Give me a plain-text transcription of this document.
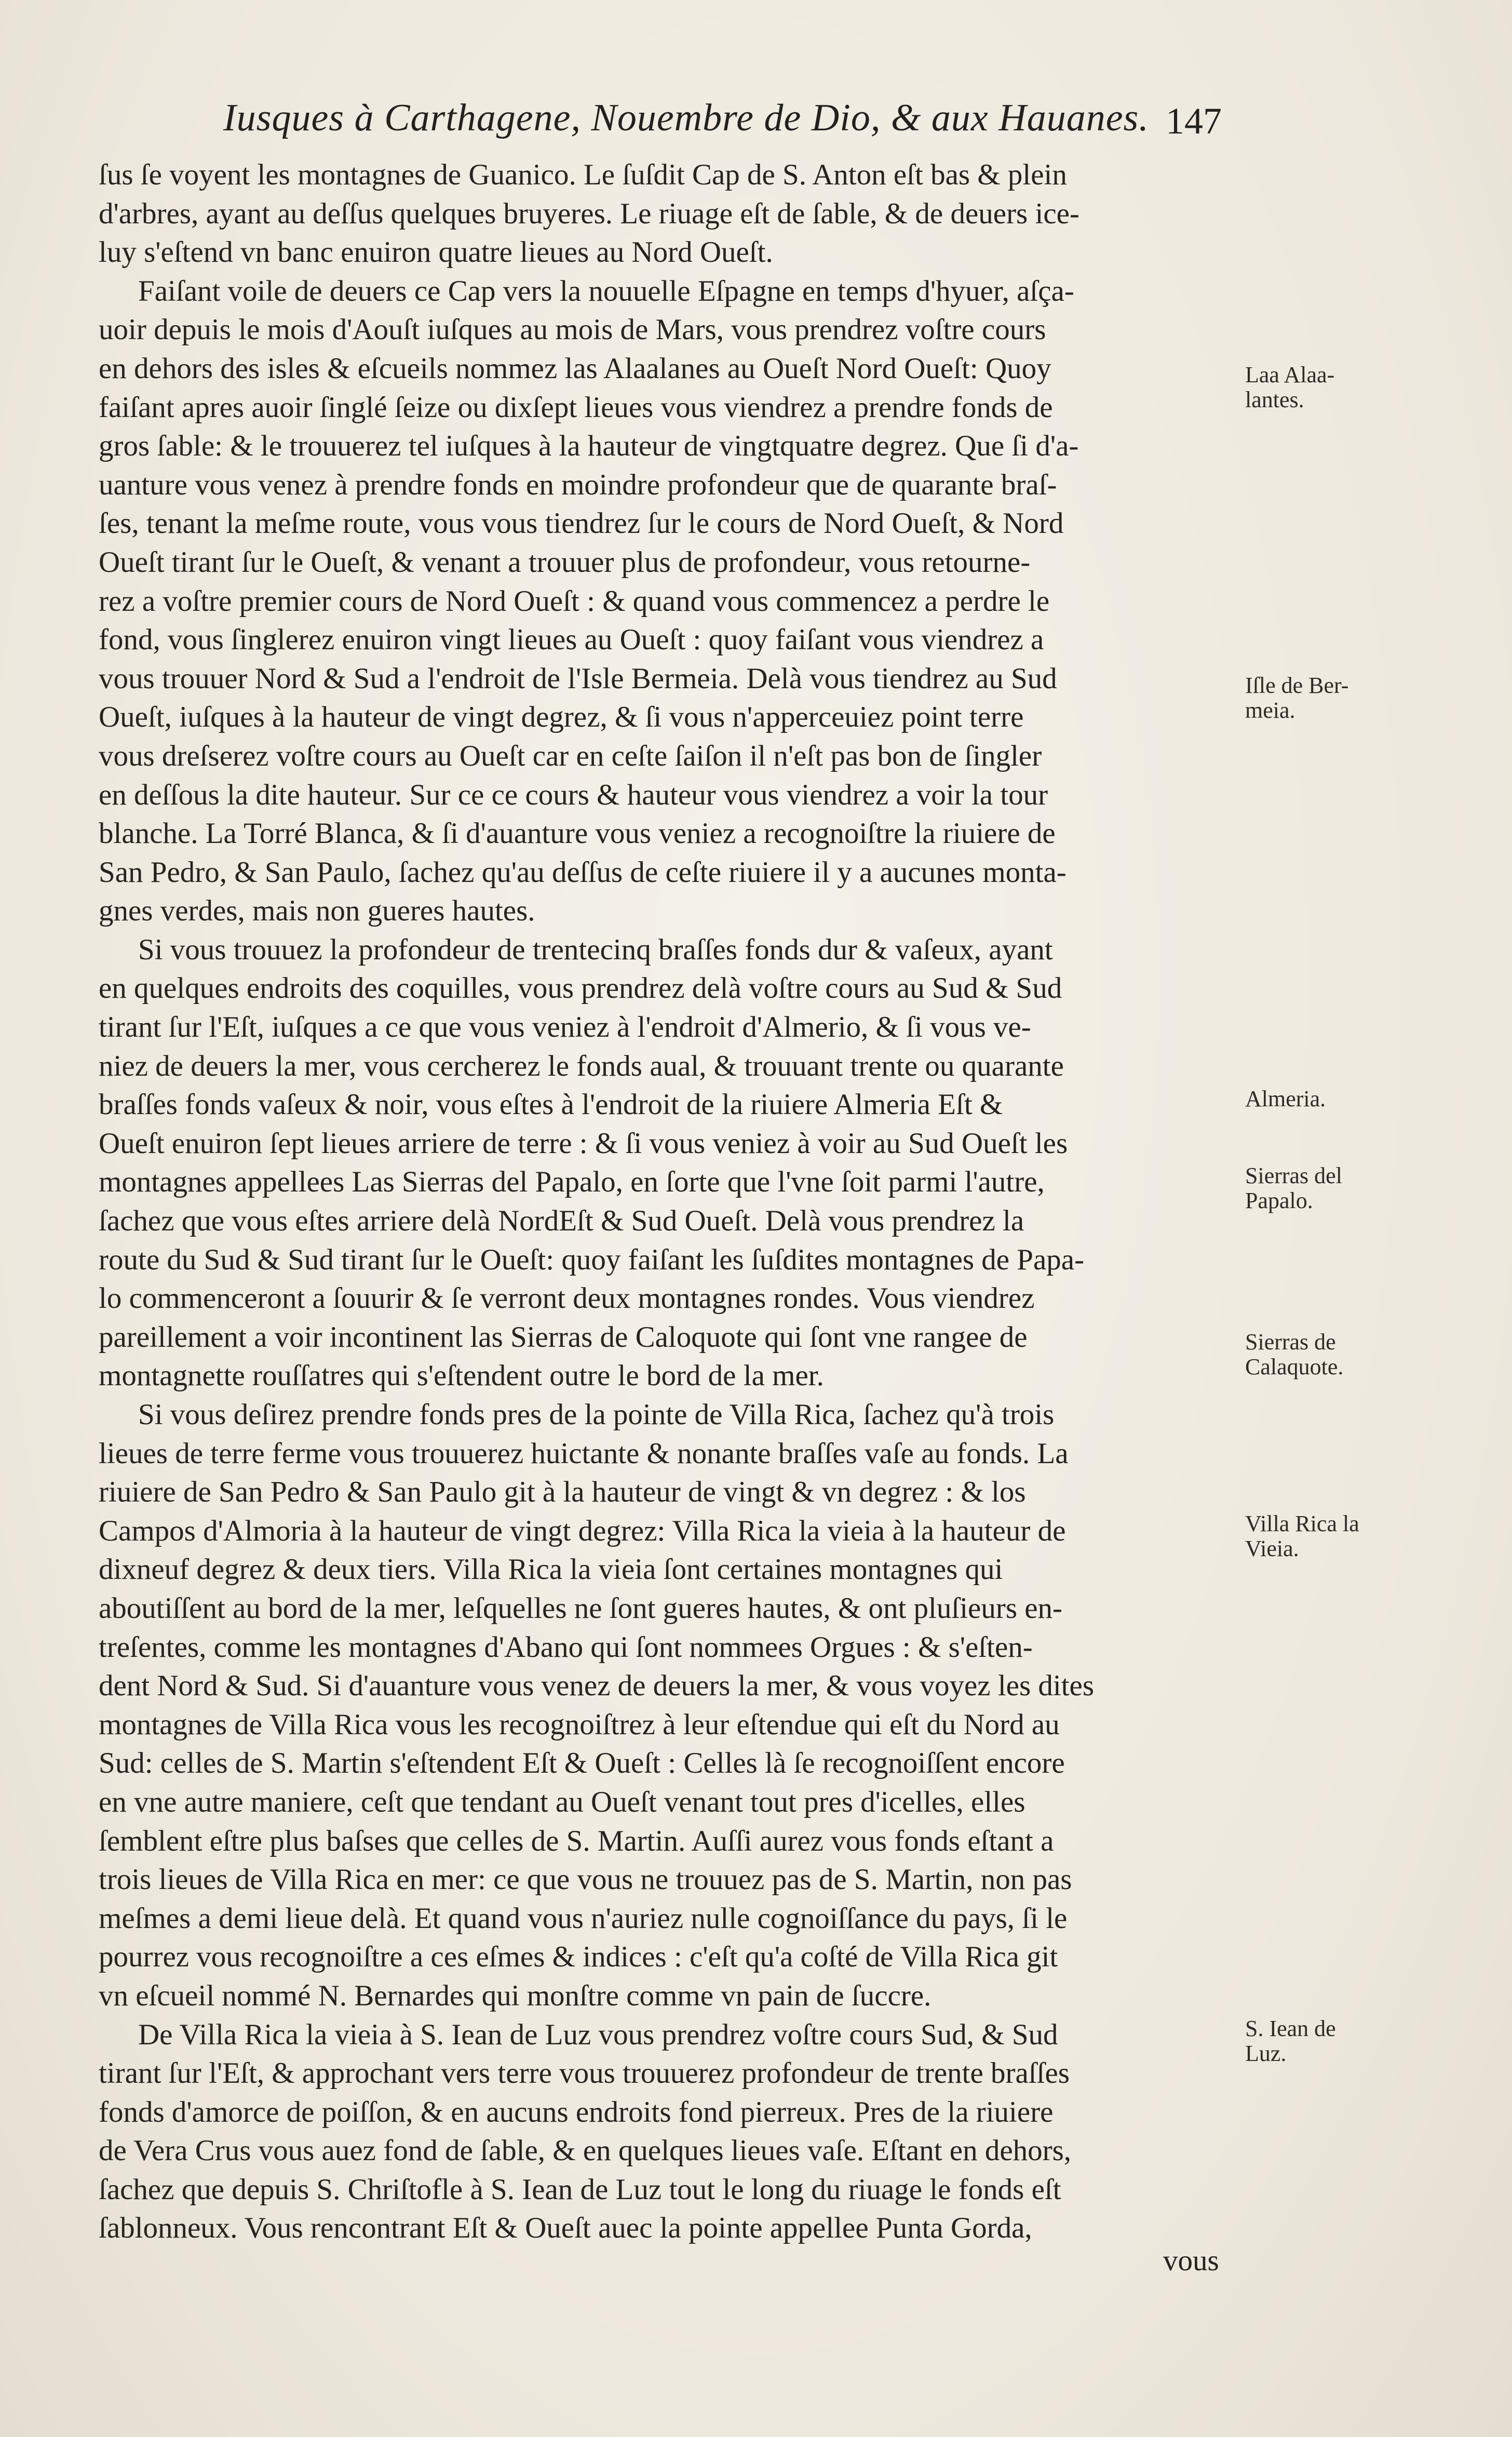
Iusques à Carthagene, Nouembre de Dio, & aux Hauanes. 147
ſus ſe voyent les montagnes de Guanico. Le ſuſdit Cap de S. Anton eſt bas & plein
d'arbres, ayant au deſſus quelques bruyeres. Le riuage eſt de ſable, & de deuers ice-
luy s'eſtend vn banc enuiron quatre lieues au Nord Oueſt.
Faiſant voile de deuers ce Cap vers la nouuelle Eſpagne en temps d'hyuer, aſça-
uoir depuis le mois d'Aouſt iuſques au mois de Mars, vous prendrez voſtre cours
en dehors des isles & eſcueils nommez las Alaalanes au Oueſt Nord Oueſt: Quoy
faiſant apres auoir ſinglé ſeize ou dixſept lieues vous viendrez a prendre fonds de
gros ſable: & le trouuerez tel iuſques à la hauteur de vingtquatre degrez. Que ſi d'a-
uanture vous venez à prendre fonds en moindre profondeur que de quarante braſ-
ſes, tenant la meſme route, vous vous tiendrez ſur le cours de Nord Oueſt, & Nord
Oueſt tirant ſur le Oueſt, & venant a trouuer plus de profondeur, vous retourne-
rez a voſtre premier cours de Nord Oueſt : & quand vous commencez a perdre le
fond, vous ſinglerez enuiron vingt lieues au Oueſt : quoy faiſant vous viendrez a
vous trouuer Nord & Sud a l'endroit de l'Isle Bermeia. Delà vous tiendrez au Sud
Oueſt, iuſques à la hauteur de vingt degrez, & ſi vous n'apperceuiez point terre
vous dreſserez voſtre cours au Oueſt car en ceſte ſaiſon il n'eſt pas bon de ſingler
en deſſous la dite hauteur. Sur ce ce cours & hauteur vous viendrez a voir la tour
blanche. La Torré Blanca, & ſi d'auanture vous veniez a recognoiſtre la riuiere de
San Pedro, & San Paulo, ſachez qu'au deſſus de ceſte riuiere il y a aucunes monta-
gnes verdes, mais non gueres hautes.
Si vous trouuez la profondeur de trentecinq braſſes fonds dur & vaſeux, ayant
en quelques endroits des coquilles, vous prendrez delà voſtre cours au Sud & Sud
tirant ſur l'Eſt, iuſques a ce que vous veniez à l'endroit d'Almerio, & ſi vous ve-
niez de deuers la mer, vous cercherez le fonds aual, & trouuant trente ou quarante
braſſes fonds vaſeux & noir, vous eſtes à l'endroit de la riuiere Almeria Eſt &
Oueſt enuiron ſept lieues arriere de terre : & ſi vous veniez à voir au Sud Oueſt les
montagnes appellees Las Sierras del Papalo, en ſorte que l'vne ſoit parmi l'autre,
ſachez que vous eſtes arriere delà NordEſt & Sud Oueſt. Delà vous prendrez la
route du Sud & Sud tirant ſur le Oueſt: quoy faiſant les ſuſdites montagnes de Papa-
lo commenceront a ſouurir & ſe verront deux montagnes rondes. Vous viendrez
pareillement a voir incontinent las Sierras de Caloquote qui ſont vne rangee de
montagnette rouſſatres qui s'eſtendent outre le bord de la mer.
Si vous deſirez prendre fonds pres de la pointe de Villa Rica, ſachez qu'à trois
lieues de terre ferme vous trouuerez huictante & nonante braſſes vaſe au fonds. La
riuiere de San Pedro & San Paulo git à la hauteur de vingt & vn degrez : & los
Campos d'Almoria à la hauteur de vingt degrez: Villa Rica la vieia à la hauteur de
dixneuf degrez & deux tiers. Villa Rica la vieia ſont certaines montagnes qui
aboutiſſent au bord de la mer, leſquelles ne ſont gueres hautes, & ont pluſieurs en-
treſentes, comme les montagnes d'Abano qui ſont nommees Orgues : & s'eſten-
dent Nord & Sud. Si d'auanture vous venez de deuers la mer, & vous voyez les dites
montagnes de Villa Rica vous les recognoiſtrez à leur eſtendue qui eſt du Nord au
Sud: celles de S. Martin s'eſtendent Eſt & Oueſt : Celles là ſe recognoiſſent encore
en vne autre maniere, ceſt que tendant au Oueſt venant tout pres d'icelles, elles
ſemblent eſtre plus baſses que celles de S. Martin. Auſſi aurez vous fonds eſtant a
trois lieues de Villa Rica en mer: ce que vous ne trouuez pas de S. Martin, non pas
meſmes a demi lieue delà. Et quand vous n'auriez nulle cognoiſſance du pays, ſi le
pourrez vous recognoiſtre a ces eſmes & indices : c'eſt qu'a coſté de Villa Rica git
vn eſcueil nommé N. Bernardes qui monſtre comme vn pain de ſuccre.
De Villa Rica la vieia à S. Iean de Luz vous prendrez voſtre cours Sud, & Sud
tirant ſur l'Eſt, & approchant vers terre vous trouuerez profondeur de trente braſſes
fonds d'amorce de poiſſon, & en aucuns endroits fond pierreux. Pres de la riuiere
de Vera Crus vous auez fond de ſable, & en quelques lieues vaſe. Eſtant en dehors,
ſachez que depuis S. Chriſtofle à S. Iean de Luz tout le long du riuage le fonds eſt
ſablonneux. Vous rencontrant Eſt & Oueſt auec la pointe appellee Punta Gorda,
Laa Alaa-lantes.
Iſle de Ber-meia.
Almeria.
Sierras del Papalo.
Sierras de Calaquote.
Villa Rica la Vieia.
S. Iean de Luz.
vous
